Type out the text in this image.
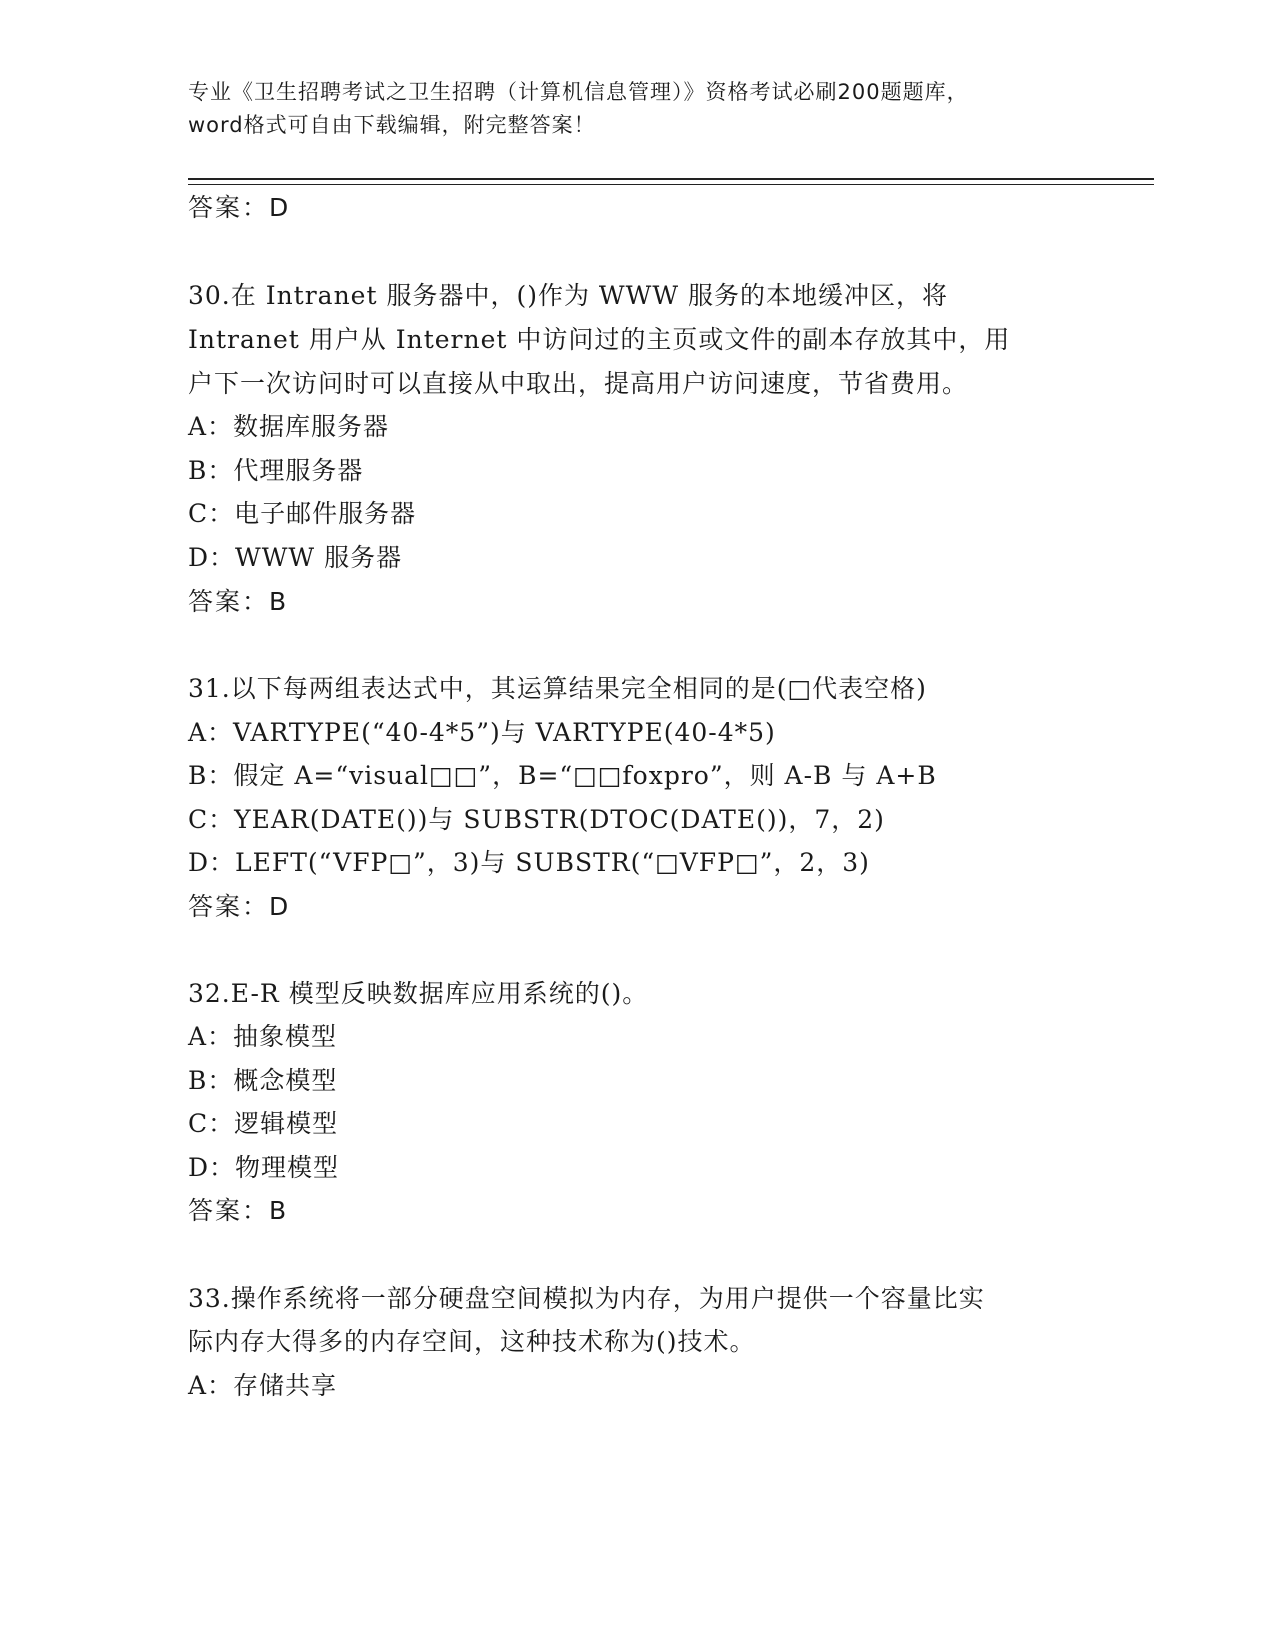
专业《卫生招聘考试之卫生招聘（计算机信息管理）》资格考试必刷200题题库，
word格式可自由下载编辑，附完整答案！
答案：D
30.在 Intranet 服务器中，()作为 WWW 服务的本地缓冲区，将
Intranet 用户从 Internet 中访问过的主页或文件的副本存放其中，用
户下一次访问时可以直接从中取出，提高用户访问速度，节省费用。
A：数据库服务器
B：代理服务器
C：电子邮件服务器
D：WWW 服务器
答案：B
31.以下每两组表达式中，其运算结果完全相同的是(□代表空格)
A：VARTYPE(“40-4*5”)与 VARTYPE(40-4*5)
B：假定 A=“visual□□”，B=“□□foxpro”，则 A-B 与 A+B
C：YEAR(DATE())与 SUBSTR(DTOC(DATE())，7，2)
D：LEFT(“VFP□”，3)与 SUBSTR(“□VFP□”，2，3)
答案：D
32.E-R 模型反映数据库应用系统的()。
A：抽象模型
B：概念模型
C：逻辑模型
D：物理模型
答案：B
33.操作系统将一部分硬盘空间模拟为内存，为用户提供一个容量比实
际内存大得多的内存空间，这种技术称为()技术。
A：存储共享
